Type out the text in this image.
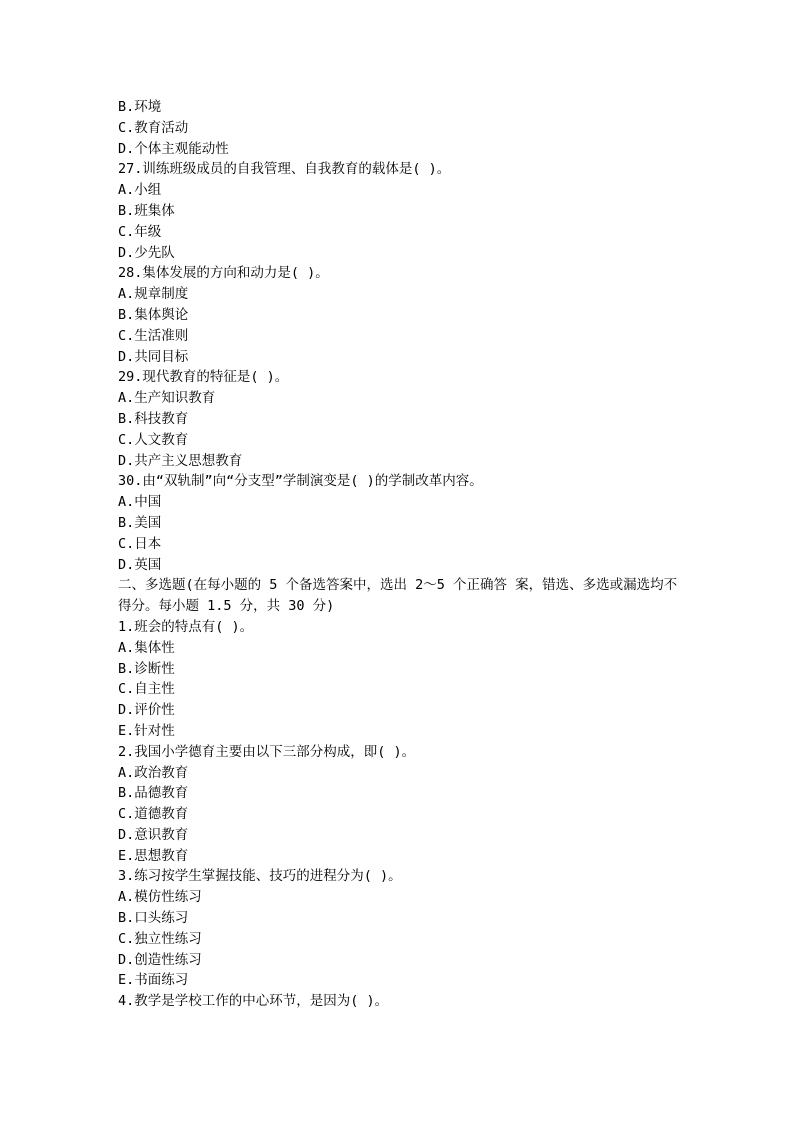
B.环境
C.教育活动
D.个体主观能动性
27.训练班级成员的自我管理、自我教育的载体是( )。
A.小组
B.班集体
C.年级
D.少先队
28.集体发展的方向和动力是( )。
A.规章制度
B.集体舆论
C.生活准则
D.共同目标
29.现代教育的特征是( )。
A.生产知识教育
B.科技教育
C.人文教育
D.共产主义思想教育
30.由“双轨制”向“分支型”学制演变是( )的学制改革内容。
A.中国
B.美国
C.日本
D.英国
二、多选题(在每小题的 5 个备选答案中，选出 2～5 个正确答 案，错选、多选或漏选均不
得分。每小题 1.5 分，共 30 分)
1.班会的特点有( )。
A.集体性
B.诊断性
C.自主性
D.评价性
E.针对性
2.我国小学德育主要由以下三部分构成，即( )。
A.政治教育
B.品德教育
C.道德教育
D.意识教育
E.思想教育
3.练习按学生掌握技能、技巧的进程分为( )。
A.模仿性练习
B.口头练习
C.独立性练习
D.创造性练习
E.书面练习
4.教学是学校工作的中心环节，是因为( )。
